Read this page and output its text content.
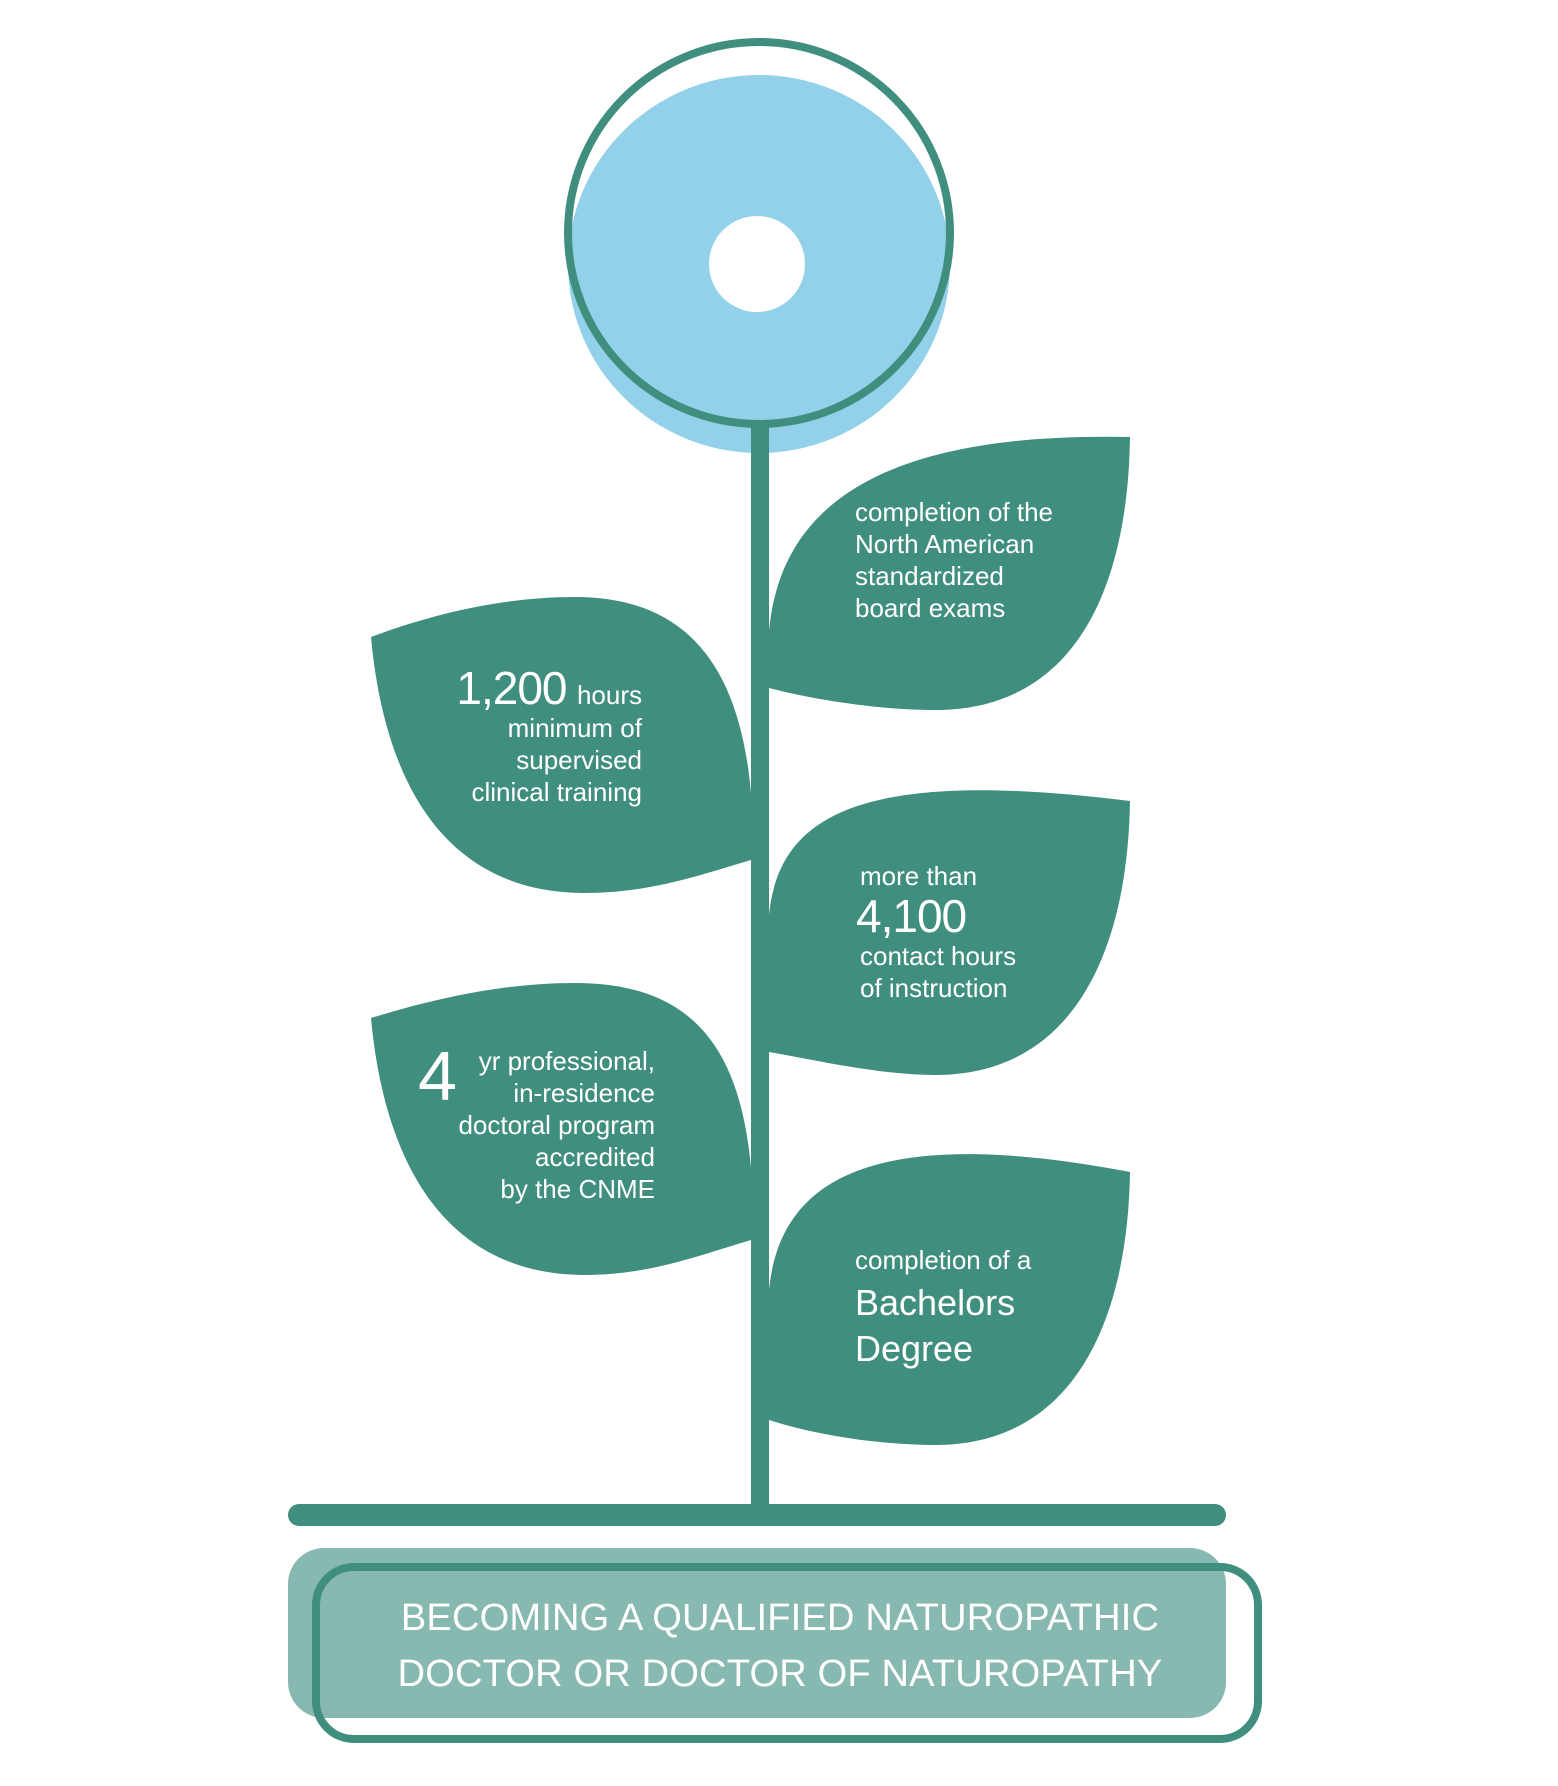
completion of the
North American
standardized
board exams
1,200 hours
minimum of
supervised
clinical training
more than
4,100
contact hours
of instruction
4 yr professional,
in-residence
doctoral program
accredited
by the CNME
completion of a
Bachelors
Degree
BECOMING A QUALIFIED NATUROPATHIC
DOCTOR OR DOCTOR OF NATUROPATHY
